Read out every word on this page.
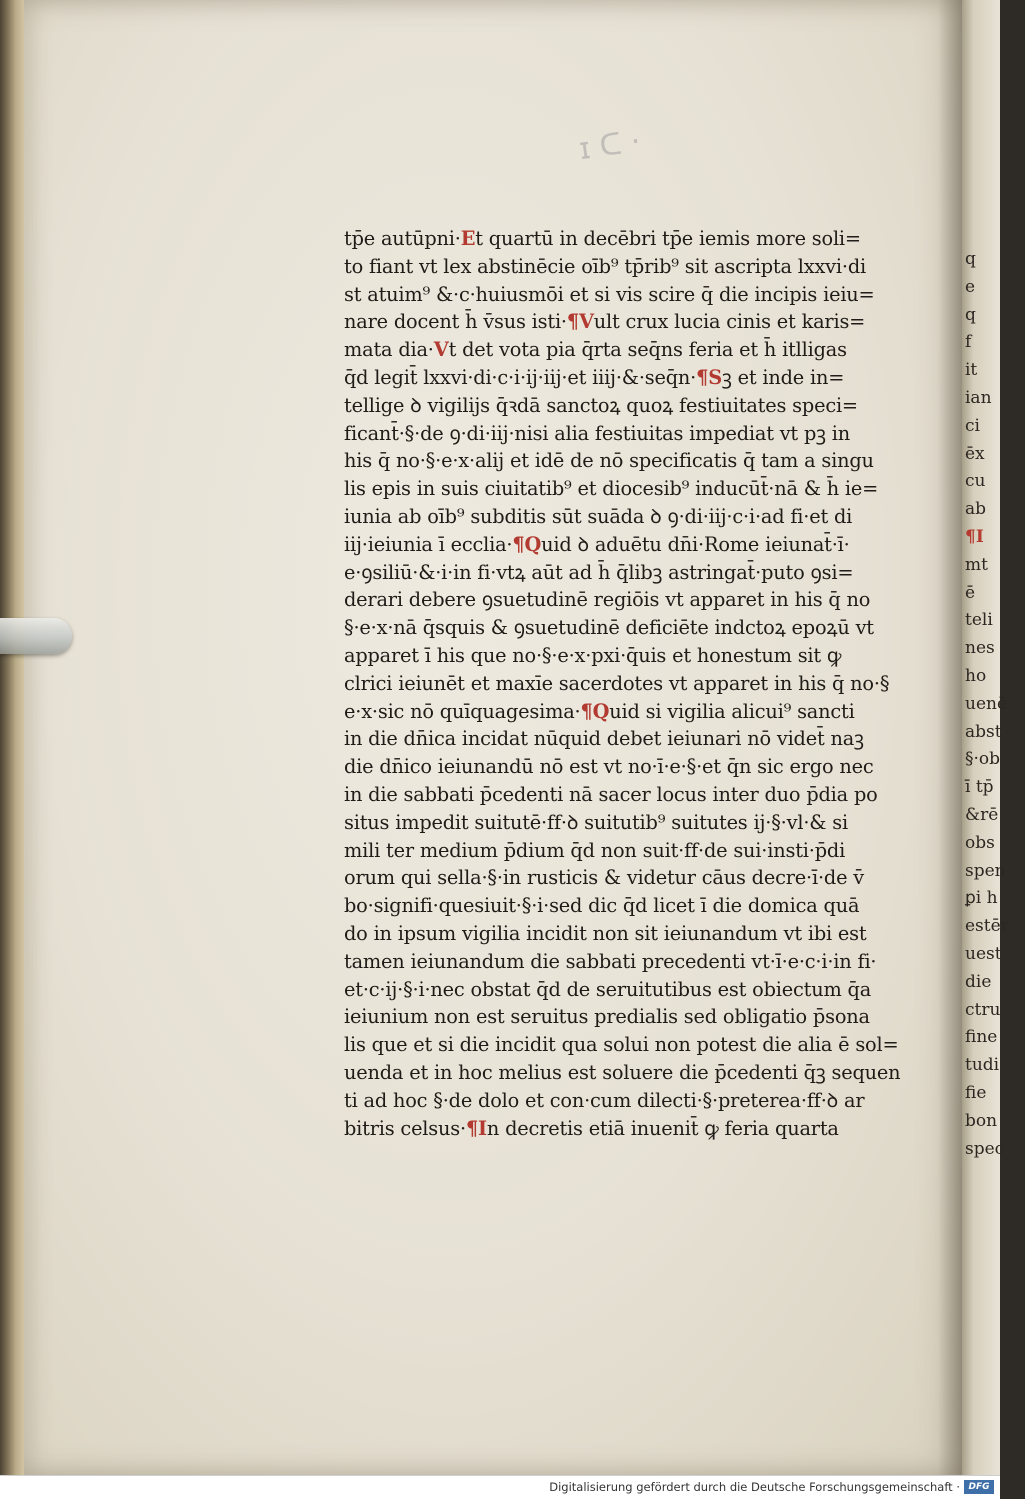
ɪ ᑕ ·
tp̄e autūpni·Et quartū in decēbri tp̄e iemis more soli=
to fiant vt lex abstinēcie oīb⁹ tp̄rib⁹ sit ascripta lxxvi·di
st atuim⁹ &·c·huiusmōi et si vis scire q̄ die incipis ieiu=
nare docent h̄ v̄sus isti·¶Vult crux lucia cinis et karis=
mata dia·Vt det vota pia q̄rta seq̄ns feria et h̄ itlligas
q̄d legit̄ lxxvi·di·c·i·ij·iij·et iiij·&·seq̄n·¶Sꝫ et inde in=
tellige ꝺ vigilijs q̄ꝛdā sanctoꝝ quoꝝ festiuitates speci=
ficant̄·§·de ꝯ·di·iij·nisi alia festiuitas impediat vt pꝫ in
his q̄ no·§·e·x·alij et idē de nō specificatis q̄ tam a singu
lis epis in suis ciuitatib⁹ et diocesib⁹ inducūt̄·nā & h̄ ie=
iunia ab oīb⁹ subditis sūt suāda ꝺ ꝯ·di·iij·c·i·ad fi·et di
iij·ieiunia ī ecclia·¶Quid ꝺ aduētu dn̄i·Rome ieiunat̄·ī·
e·ꝯsiliū·&·i·in fi·vtꝝ aūt ad h̄ q̄libꝫ astringat̄·puto ꝯsi=
derari debere ꝯsuetudinē regiōis vt apparet in his q̄ no
§·e·x·nā q̄squis & ꝯsuetudinē deficiēte indctoꝝ epoꝝū vt
apparet ī his que no·§·e·x·pxi·q̄uis et honestum sit ꝙ
clrici ieiunēt et maxīe sacerdotes vt apparet in his q̄ no·§
e·x·sic nō quīquagesima·¶Quid si vigilia alicui⁹ sancti
in die dn̄ica incidat nūquid debet ieiunari nō videt̄ naꝫ
die dn̄ico ieiunandū nō est vt no·ī·e·§·et q̄n sic ergo nec
in die sabbati p̄cedenti nā sacer locus inter duo p̄dia po
situs impedit suitutē·ff·ꝺ suitutib⁹ suitutes ij·§·vl·& si
mili ter medium p̄dium q̄d non suit·ff·de sui·insti·p̄di
orum qui sella·§·in rusticis & videtur cāus decre·ī·de v̄
bo·signifi·quesiuit·§·i·sed dic q̄d licet ī die domica quā
do in ipsum vigilia incidit non sit ieiunandum vt ibi est
tamen ieiunandum die sabbati precedenti vt·ī·e·c·i·in fi·
et·c·ij·§·i·nec obstat q̄d de seruitutibus est obiectum q̄a
ieiunium non est seruitus predialis sed obligatio p̄sona
lis que et si die incidit qua solui non potest die alia ē sol=
uenda et in hoc melius est soluere die p̄cedenti q̄ꝫ sequen
ti ad hoc §·de dolo et con·cum dilecti·§·preterea·ff·ꝺ ar
bitris celsus·¶In decretis etiā inuenit̄ ꝙ feria quarta
q
e
q
f
it
ian
ci
ēx
cu
ab
¶I
mt
ē
teli
nes
ho
uenē
abst
§·ob
ī tp̄
&rē
obs
spen
ꝑi h
estēr
uest
die
ctru
fine
tudi
fie
bon
spec
Digitalisierung gefördert durch die Deutsche Forschungsgemeinschaft · DFG
